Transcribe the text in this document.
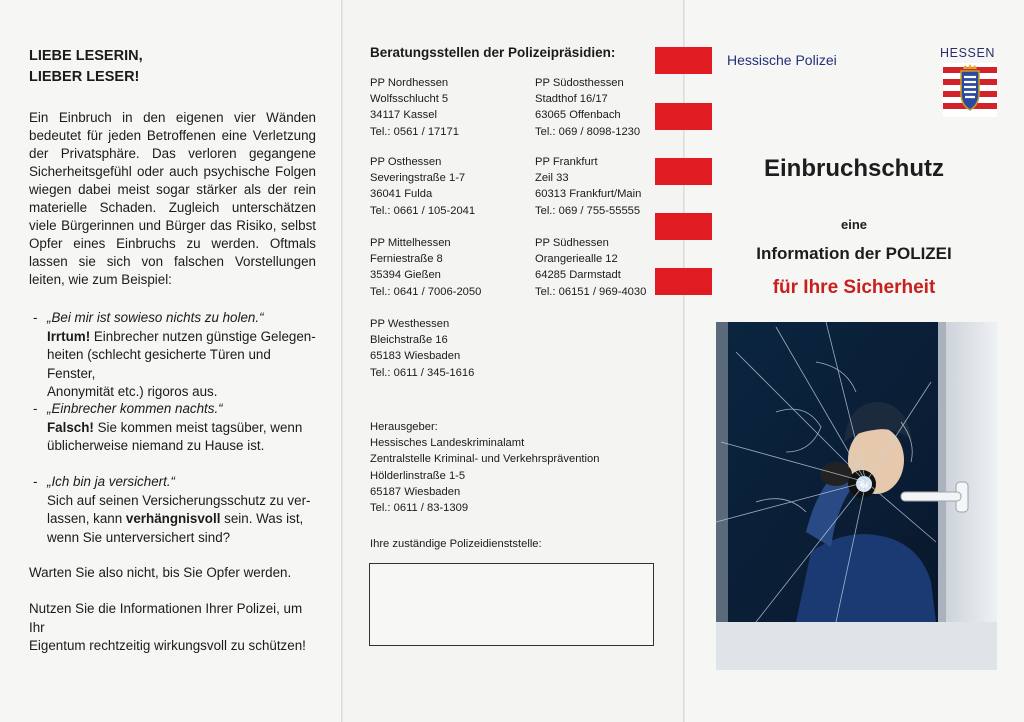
LIEBE LESERIN,
LIEBER LESER!
Ein Einbruch in den eigenen vier Wänden bedeutet für jeden Betroffenen eine Verletzung der Privatsphäre. Das verloren gegangene Sicherheitsgefühl oder auch psychische Folgen wiegen dabei meist sogar stärker als der rein materielle Schaden. Zugleich unterschätzen viele Bürgerinnen und Bürger das Risiko, selbst Opfer eines Einbruchs zu werden. Oftmals lassen sie sich von falschen Vorstellungen leiten, wie zum Beispiel:
- „Bei mir ist sowieso nichts zu holen.“
Irrtum! Einbrecher nutzen günstige Gelegen-
heiten (schlecht gesicherte Türen und Fenster,
Anonymität etc.) rigoros aus.
- „Einbrecher kommen nachts.“
Falsch! Sie kommen meist tagsüber, wenn
üblicherweise niemand zu Hause ist.
- „Ich bin ja versichert.“
Sich auf seinen Versicherungsschutz zu ver-
lassen, kann verhängnisvoll sein. Was ist,
wenn Sie unterversichert sind?
Warten Sie also nicht, bis Sie Opfer werden.
Nutzen Sie die Informationen Ihrer Polizei, um Ihr
Eigentum rechtzeitig wirkungsvoll zu schützen!
Beratungsstellen der Polizeipräsidien:
PP Nordhessen
Wolfsschlucht 5
34117 Kassel
Tel.: 0561 / 17171
PP Südosthessen
Stadthof 16/17
63065 Offenbach
Tel.: 069 / 8098-1230
PP Osthessen
Severingstraße 1-7
36041 Fulda
Tel.: 0661 / 105-2041
PP Frankfurt
Zeil 33
60313 Frankfurt/Main
Tel.: 069 / 755-55555
PP Mittelhessen
Ferniestraße 8
35394 Gießen
Tel.: 0641 / 7006-2050
PP Südhessen
Orangeriealle 12
64285 Darmstadt
Tel.: 06151 / 969-4030
PP Westhessen
Bleichstraße 16
65183 Wiesbaden
Tel.: 0611 / 345-1616
Herausgeber:
Hessisches Landeskriminalamt
Zentralstelle Kriminal- und Verkehrsprävention
Hölderlinstraße 1-5
65187 Wiesbaden
Tel.: 0611 / 83-1309
Ihre zuständige Polizeidienststelle:
Hessische Polizei	HESSEN
Einbruchschutz
eine
Information der POLIZEI
für Ihre Sicherheit
